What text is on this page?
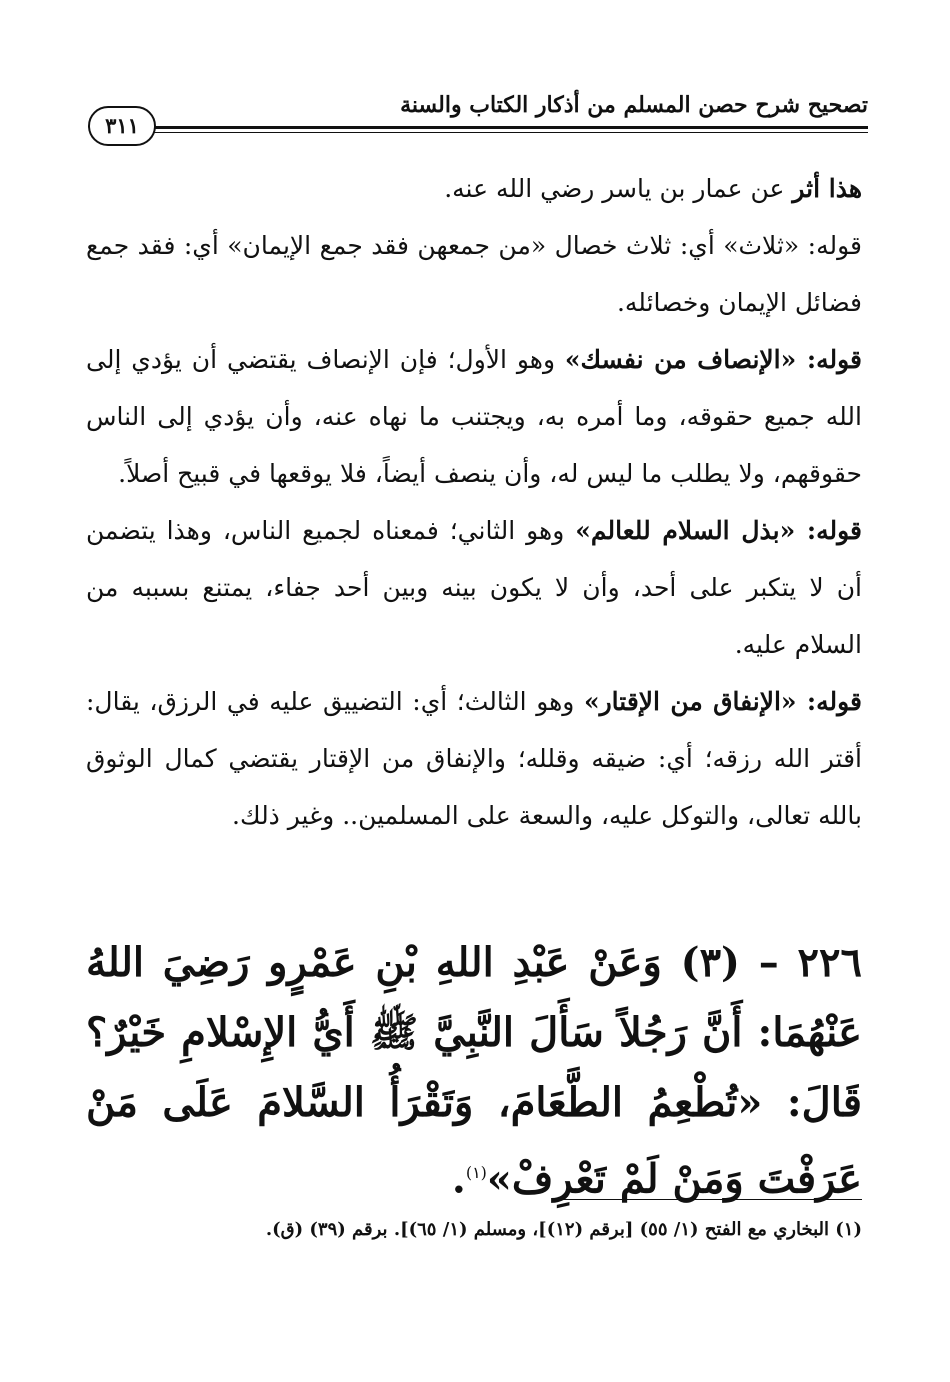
تصحيح شرح حصن المسلم من أذكار الكتاب والسنة
٣١١

هذا أثر عن عمار بن ياسر رضي الله عنه.

قوله: «ثلاث» أي: ثلاث خصال «من جمعهن فقد جمع الإيمان» أي: فقد جمع فضائل الإيمان وخصائله.

قوله: «الإنصاف من نفسك» وهو الأول؛ فإن الإنصاف يقتضي أن يؤدي إلى الله جميع حقوقه، وما أمره به، ويجتنب ما نهاه عنه، وأن يؤدي إلى الناس حقوقهم، ولا يطلب ما ليس له، وأن ينصف أيضاً، فلا يوقعها في قبيح أصلاً.

قوله: «بذل السلام للعالم» وهو الثاني؛ فمعناه لجميع الناس، وهذا يتضمن أن لا يتكبر على أحد، وأن لا يكون بينه وبين أحد جفاء، يمتنع بسببه من السلام عليه.

قوله: «الإنفاق من الإقتار» وهو الثالث؛ أي: التضييق عليه في الرزق، يقال: أقتر الله رزقه؛ أي: ضيقه وقلله؛ والإنفاق من الإقتار يقتضي كمال الوثوق بالله تعالى، والتوكل عليه، والسعة على المسلمين.. وغير ذلك.

٢٢٦ – (٣) وَعَنْ عَبْدِ اللهِ بْنِ عَمْرٍو رَضِيَ اللهُ عَنْهُمَا: أَنَّ رَجُلاً سَأَلَ النَّبِيَّ ﷺ أَيُّ الإِسْلامِ خَيْرٌ؟ قَالَ: «تُطْعِمُ الطَّعَامَ، وَتَقْرَأُ السَّلامَ عَلَى مَنْ عَرَفْتَ وَمَنْ لَمْ تَعْرِفْ»$^{(١)}$.
(١) البخاري مع الفتح (١/ ٥٥) [برقم (١٢)]، ومسلم (١/ ٦٥)]. برقم (٣٩) (ق).
